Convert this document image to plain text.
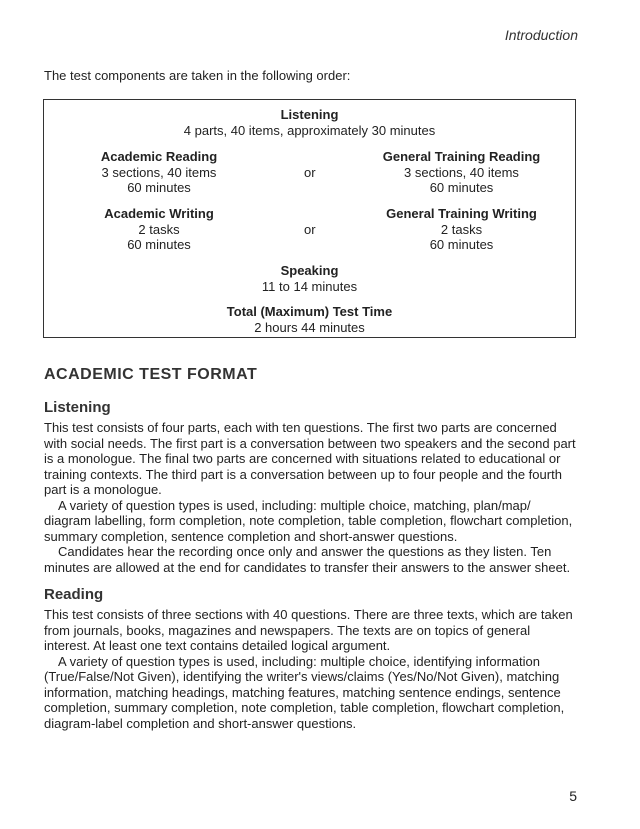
Introduction
The test components are taken in the following order:
Listening
4 parts, 40 items, approximately 30 minutes
Academic Reading
3 sections, 40 items
60 minutes
or
General Training Reading
3 sections, 40 items
60 minutes
Academic Writing
2 tasks
60 minutes
or
General Training Writing
2 tasks
60 minutes
Speaking
11 to 14 minutes
Total (Maximum) Test Time
2 hours 44 minutes
ACADEMIC TEST FORMAT
Listening

This test consists of four parts, each with ten questions. The first two parts are concerned with social needs. The first part is a conversation between two speakers and the second part is a monologue. The final two parts are concerned with situations related to educational or training contexts. The third part is a conversation between up to four people and the fourth part is a monologue.

A variety of question types is used, including: multiple choice, matching, plan/map/ diagram labelling, form completion, note completion, table completion, flowchart completion, summary completion, sentence completion and short-answer questions.

Candidates hear the recording once only and answer the questions as they listen. Ten minutes are allowed at the end for candidates to transfer their answers to the answer sheet.

Reading

This test consists of three sections with 40 questions. There are three texts, which are taken from journals, books, magazines and newspapers. The texts are on topics of general interest. At least one text contains detailed logical argument.

A variety of question types is used, including: multiple choice, identifying information (True/False/Not Given), identifying the writer's views/claims (Yes/No/Not Given), matching information, matching headings, matching features, matching sentence endings, sentence completion, summary completion, note completion, table completion, flowchart completion, diagram-label completion and short-answer questions.

5
